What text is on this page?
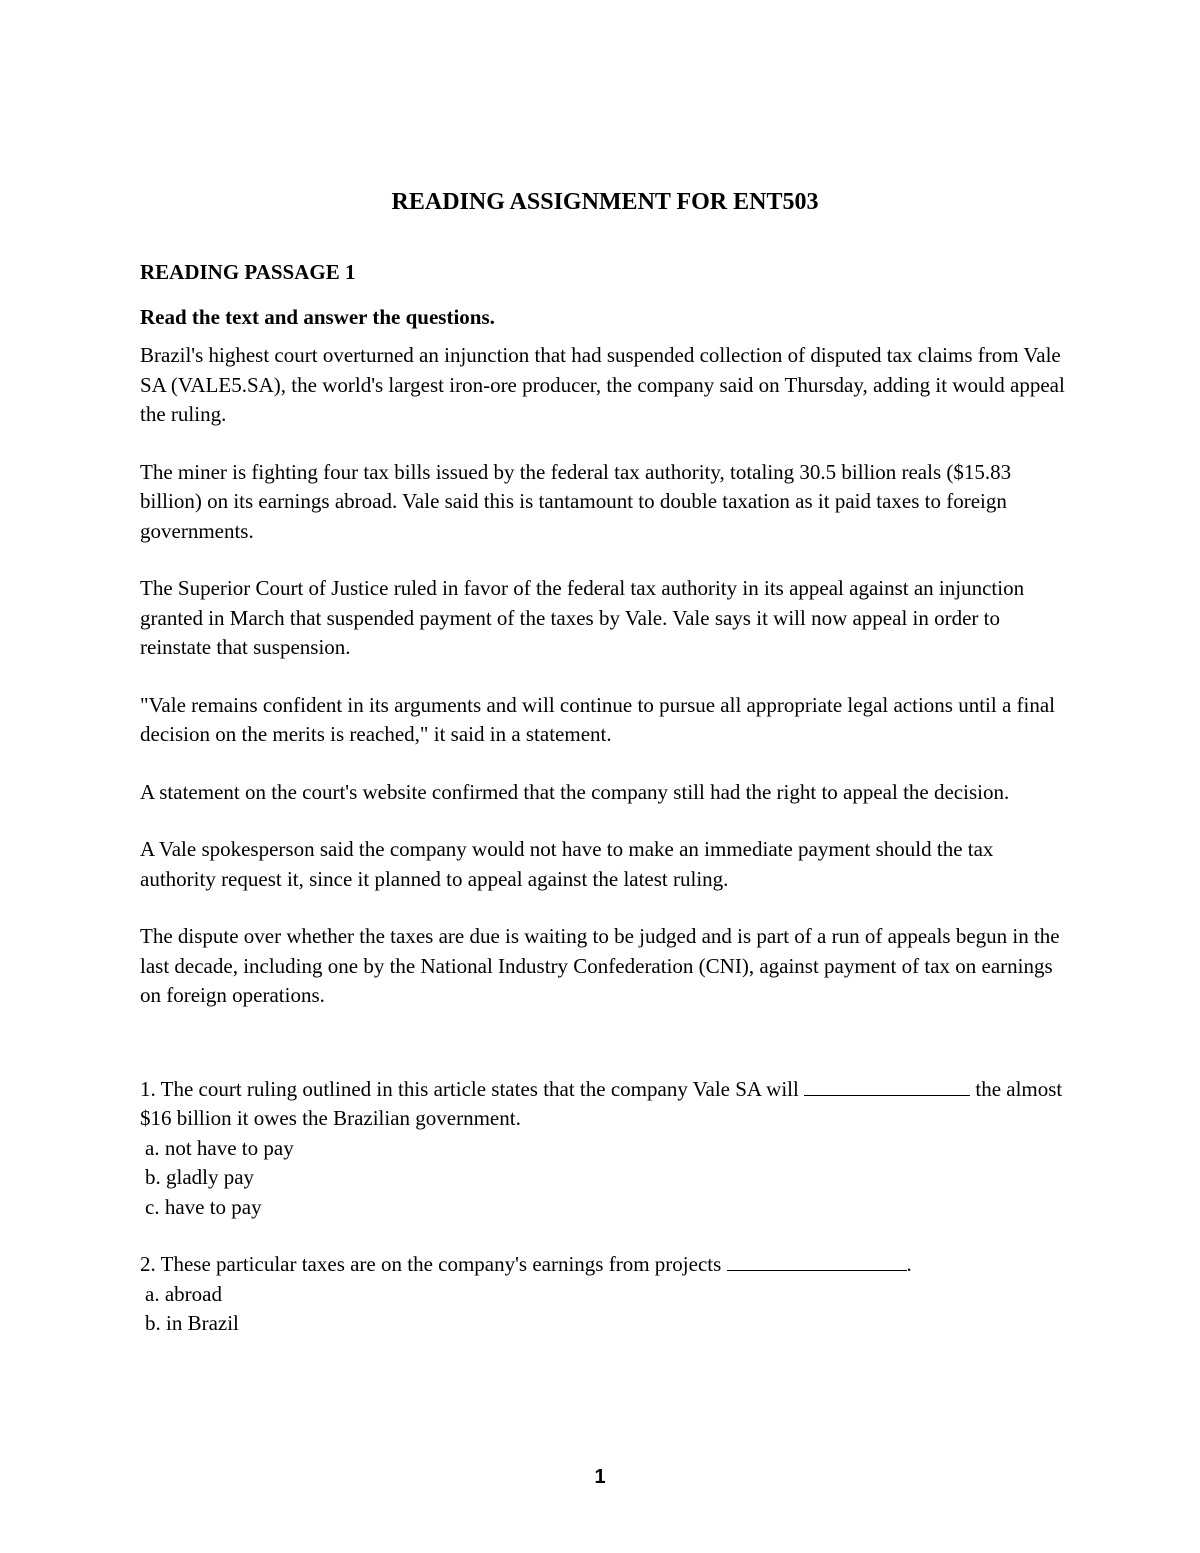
READING ASSIGNMENT FOR ENT503
READING PASSAGE 1
Read the text and answer the questions.

Brazil's highest court overturned an injunction that had suspended collection of disputed tax claims from Vale SA (VALE5.SA), the world's largest iron-ore producer, the company said on Thursday, adding it would appeal the ruling.

The miner is fighting four tax bills issued by the federal tax authority, totaling 30.5 billion reals ($15.83 billion) on its earnings abroad. Vale said this is tantamount to double taxation as it paid taxes to foreign governments.

The Superior Court of Justice ruled in favor of the federal tax authority in its appeal against an injunction granted in March that suspended payment of the taxes by Vale. Vale says it will now appeal in order to reinstate that suspension.

"Vale remains confident in its arguments and will continue to pursue all appropriate legal actions until a final decision on the merits is reached," it said in a statement.

A statement on the court's website confirmed that the company still had the right to appeal the decision.

A Vale spokesperson said the company would not have to make an immediate payment should the tax authority request it, since it planned to appeal against the latest ruling.

The dispute over whether the taxes are due is waiting to be judged and is part of a run of appeals begun in the last decade, including one by the National Industry Confederation (CNI), against payment of tax on earnings on foreign operations.

1. The court ruling outlined in this article states that the company Vale SA will	the almost $16 billion it owes the Brazilian government.

a. not have to pay
b. gladly pay
c. have to pay

2. These particular taxes are on the company's earnings from projects	.

a. abroad
b. in Brazil
1
